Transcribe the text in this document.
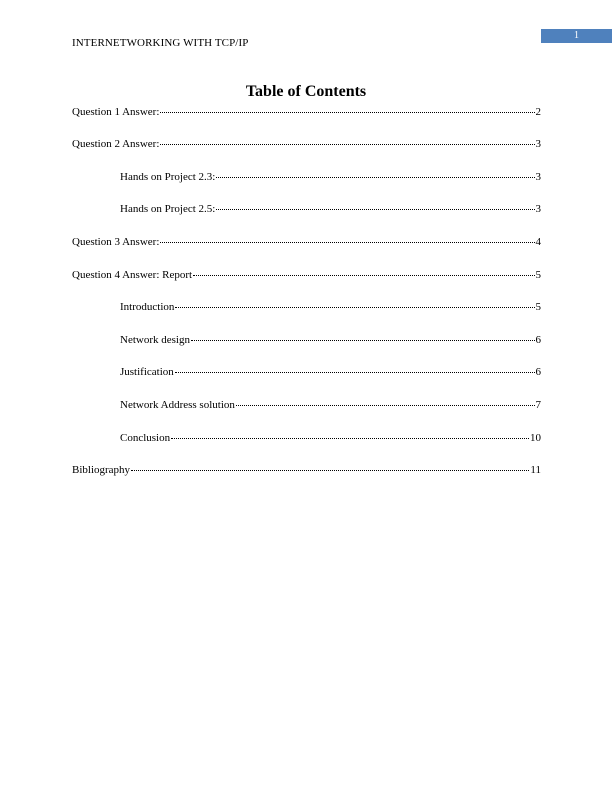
INTERNETWORKING WITH TCP/IP
1
Table of Contents
Question 1 Answer:	2
Question 2 Answer:	3
Hands on Project 2.3:	3
Hands on Project 2.5:	3
Question 3 Answer:	4
Question 4 Answer: Report	5
Introduction	5
Network design	6
Justification	6
Network Address solution	7
Conclusion	10
Bibliography	11
